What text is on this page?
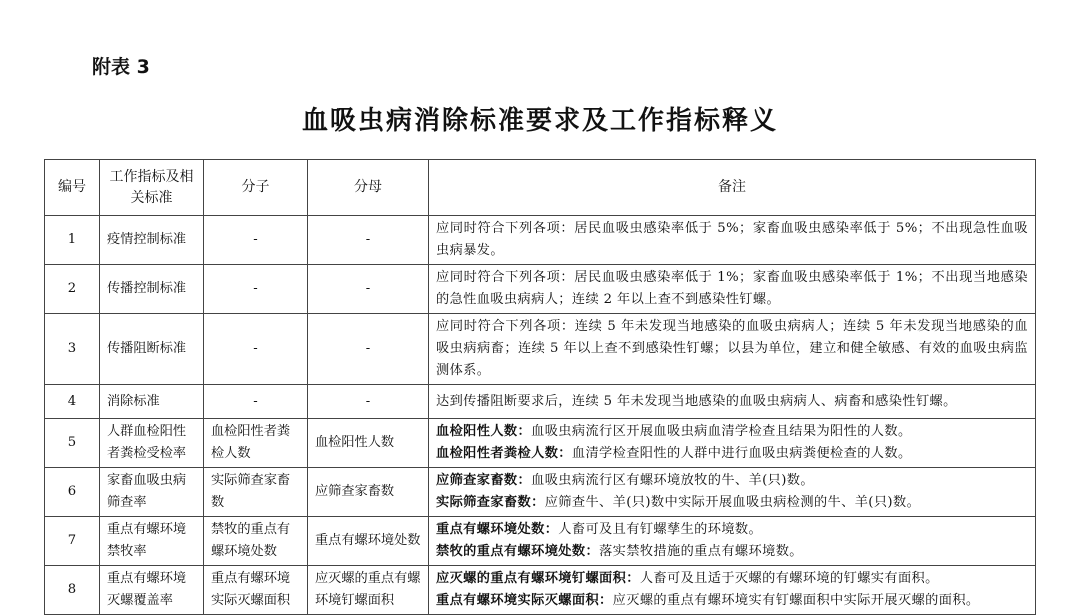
附表 3
血吸虫病消除标准要求及工作指标释义
编号	工作指标及相关标准	分子	分母	备注
1	疫情控制标准	-	-	应同时符合下列各项：居民血吸虫感染率低于 5%；家畜血吸虫感染率低于 5%；不出现急性血吸虫病暴发。
2	传播控制标准	-	-	应同时符合下列各项：居民血吸虫感染率低于 1%；家畜血吸虫感染率低于 1%；不出现当地感染的急性血吸虫病病人；连续 2 年以上查不到感染性钉螺。
3	传播阻断标准	-	-	应同时符合下列各项：连续 5 年未发现当地感染的血吸虫病病人；连续 5 年未发现当地感染的血吸虫病病畜；连续 5 年以上查不到感染性钉螺；以县为单位，建立和健全敏感、有效的血吸虫病监测体系。
4	消除标准	-	-	达到传播阻断要求后，连续 5 年未发现当地感染的血吸虫病病人、病畜和感染性钉螺。
5	人群血检阳性者粪检受检率	血检阳性者粪检人数	血检阳性人数	血检阳性人数：血吸虫病流行区开展血吸虫病血清学检查且结果为阳性的人数。
血检阳性者粪检人数：血清学检查阳性的人群中进行血吸虫病粪便检查的人数。

6	家畜血吸虫病筛查率	实际筛查家畜数	应筛查家畜数	应筛查家畜数：血吸虫病流行区有螺环境放牧的牛、羊(只)数。
实际筛查家畜数：应筛查牛、羊(只)数中实际开展血吸虫病检测的牛、羊(只)数。

7	重点有螺环境禁牧率	禁牧的重点有螺环境处数	重点有螺环境处数	重点有螺环境处数：人畜可及且有钉螺孳生的环境数。
禁牧的重点有螺环境处数：落实禁牧措施的重点有螺环境数。

8	重点有螺环境灭螺覆盖率	重点有螺环境实际灭螺面积	应灭螺的重点有螺环境钉螺面积	应灭螺的重点有螺环境钉螺面积：人畜可及且适于灭螺的有螺环境的钉螺实有面积。
重点有螺环境实际灭螺面积：应灭螺的重点有螺环境实有钉螺面积中实际开展灭螺的面积。
